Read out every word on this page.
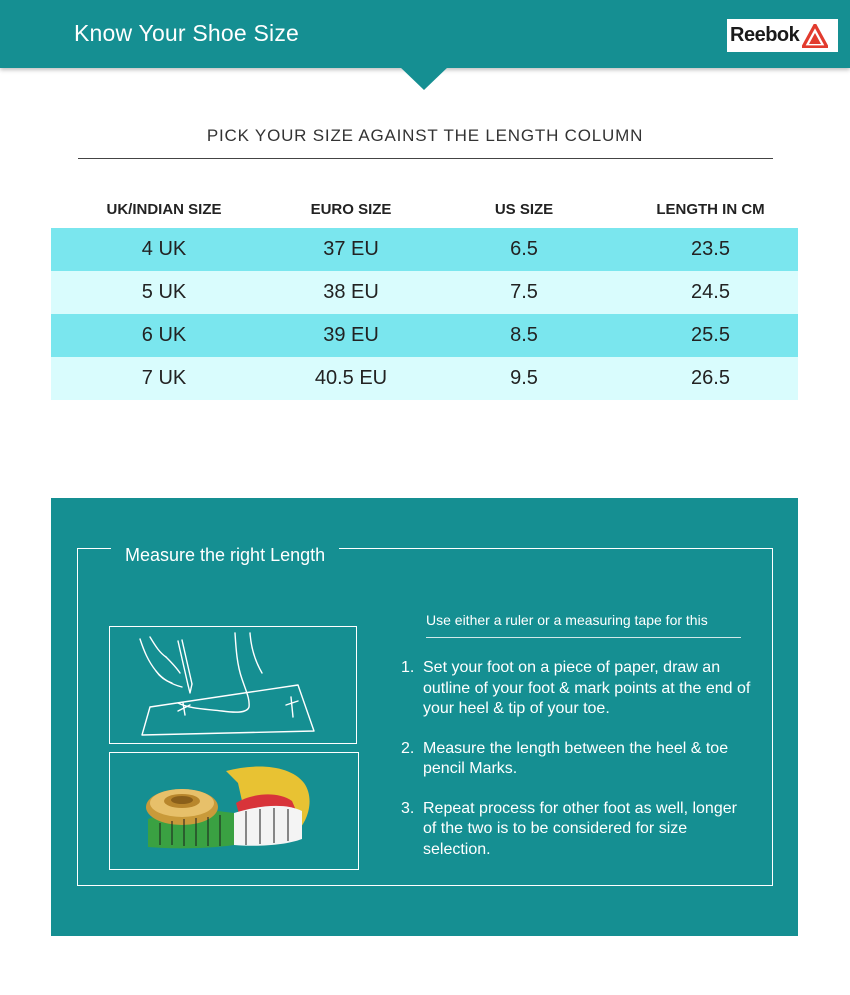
Know Your Shoe Size	Reebok
PICK YOUR SIZE AGAINST THE LENGTH COLUMN
UK/INDIAN SIZE	EURO SIZE	US SIZE	LENGTH IN CM
4 UK	37 EU	6.5	23.5
5 UK	38 EU	7.5	24.5
6 UK	39 EU	8.5	25.5
7 UK	40.5 EU	9.5	26.5
Measure the right Length
Use either a ruler or a measuring tape for this
1. Set your foot on a piece of paper, draw an outline of your foot & mark points at the end of your heel & tip of your toe.
2. Measure the length between the heel & toe pencil Marks.
3. Repeat process for other foot as well, longer of the two is to be considered for size selection.
